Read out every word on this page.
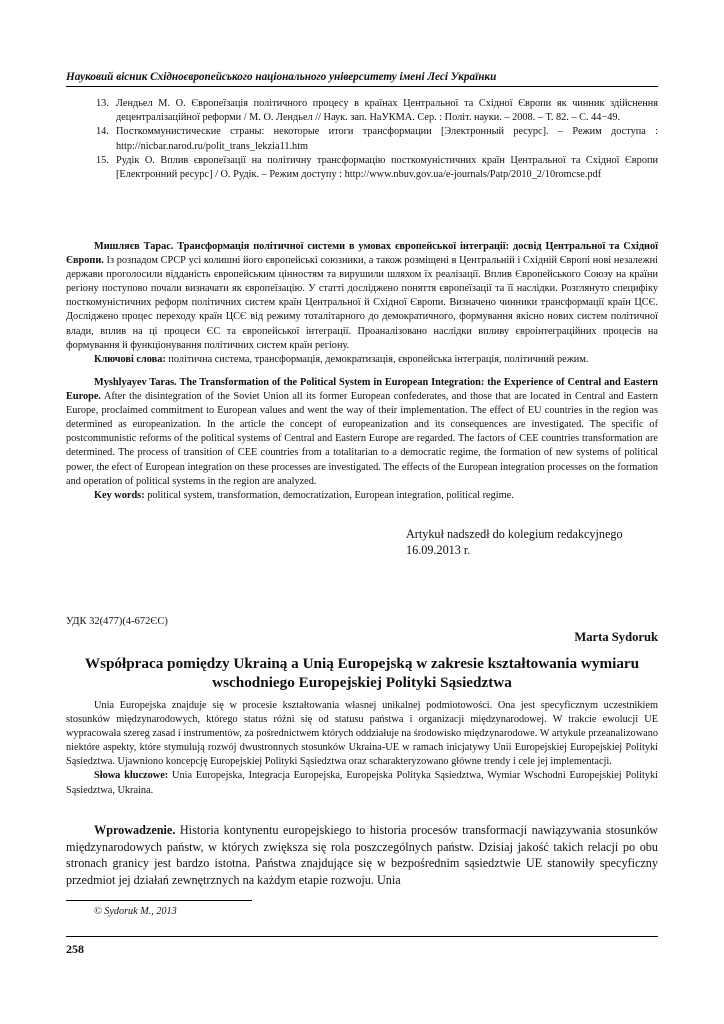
Науковий вісник Східноєвропейського національного університету імені Лесі Українки
13. Лендьел М. О. Європеїзація політичного процесу в країнах Центральної та Східної Європи як чинник здійснення децентралізаційної реформи / М. О. Лендьел // Наук. зап. НаУКМА. Сер. : Політ. науки. – 2008. – Т. 82. – С. 44−49.
14. Посткоммунистические страны: некоторые итоги трансформации [Электронный ресурс]. – Режим доступа : http://nicbar.narod.ru/polit_trans_lekzia11.htm
15. Рудік О. Вплив європеїзації на політичну трансформацію посткомуністичних країн Центральної та Східної Європи [Електронний ресурс] / О. Рудік. – Режим доступу : http://www.nbuv.gov.ua/e-journals/Patp/2010_2/10romcse.pdf

Мишляєв Тарас. Трансформація політичної системи в умовах європейської інтеграції: досвід Центральної та Східної Європи. Із розпадом СРСР усі колишні його європейські союзники, а також розміщені в Центральній і Східній Європі нові незалежні держави проголосили відданість європейським цінностям та вирушили шляхом їх реалізації. Вплив Європейського Союзу на країни регіону поступово почали визначати як європеїзацію. У статті досліджено поняття європеїзації та її наслідки. Розглянуто специфіку посткомуністичних реформ політичних систем країн Центральної й Східної Європи. Визначено чинники трансформації країн ЦСЄ. Досліджено процес переходу країн ЦСЄ від режиму тоталітарного до демократичного, формування якісно нових систем політичної влади, вплив на ці процеси ЄС та європейської інтеграції. Проаналізовано наслідки впливу євроінтеграційних процесів на формування й функціонування політичних систем країн регіону.

Ключові слова: політична система, трансформація, демократизація, європейська інтеграція, політичний режим.

Myshlyayev Taras. The Transformation of the Political System in European Integration: the Experience of Central and Eastern Europe. After the disintegration of the Soviet Union all its former European confederates, and those that are located in Central and Eastern Europe, proclaimed commitment to European values and went the way of their implementation. The effect of EU countries in the region was determined as europeanization. In the article the concept of europeanization and its consequences are investigated. The specific of postcommunistic reforms of the political systems of Central and Eastern Europe are regarded. The factors of CEE countries transformation are determined. The process of transition of CEE countries from a totalitarian to a democratic regime, the formation of new systems of political power, the efect of European integration on these processes are investigated. The effects of the European integration processes on the formation and operation of political systems in the region are analyzed.

Key words: political system, transformation, democratization, European integration, political regime.

Artykuł nadszedł do kolegium redakcyjnego
16.09.2013 r.
УДК 32(477)(4-672ЄС)
Marta Sydoruk
Współpraca pomiędzy Ukrainą a Unią Europejską w zakresie kształtowania wymiaru
wschodniego Europejskiej Polityki Sąsiedztwa

Unia Europejska znajduje się w procesie kształtowania własnej unikalnej podmiotowości. Ona jest specyficznym uczestnikiem stosunków międzynarodowych, którego status różni się od statusu państwa i organizacji międzynarodowej. W trakcie ewolucji UE wypracowała szereg zasad i instrumentów, za pośrednictwem których oddziałuje na środowisko międzynarodowe. W artykule przeanalizowano niektóre aspekty, które stymulują rozwój dwustronnych stosunków Ukraina-UE w ramach inicjatywy Unii Europejskiej Europejskiej Polityki Sąsiedztwa. Ujawniono koncepcję Europejskiej Polityki Sąsiedztwa oraz scharakteryzowano główne trendy i cele jej implementacji.

Słowa kluczowe: Unia Europejska, Integracja Europejska, Europejska Polityka Sąsiedztwa, Wymiar Wschodni Europejskiej Polityki Sąsiedztwa, Ukraina.

Wprowadzenie. Historia kontynentu europejskiego to historia procesów transformacji nawiązywania stosunków międzynarodowych państw, w których zwiększa się rola poszczególnych państw. Dzisiaj jakość takich relacji po obu stronach granicy jest bardzo istotna. Państwa znajdujące się w bezpośrednim sąsiedztwie UE stanowiły specyficzny przedmiot jej działań zewnętrznych na każdym etapie rozwoju. Unia

© Sydoruk M., 2013
258
